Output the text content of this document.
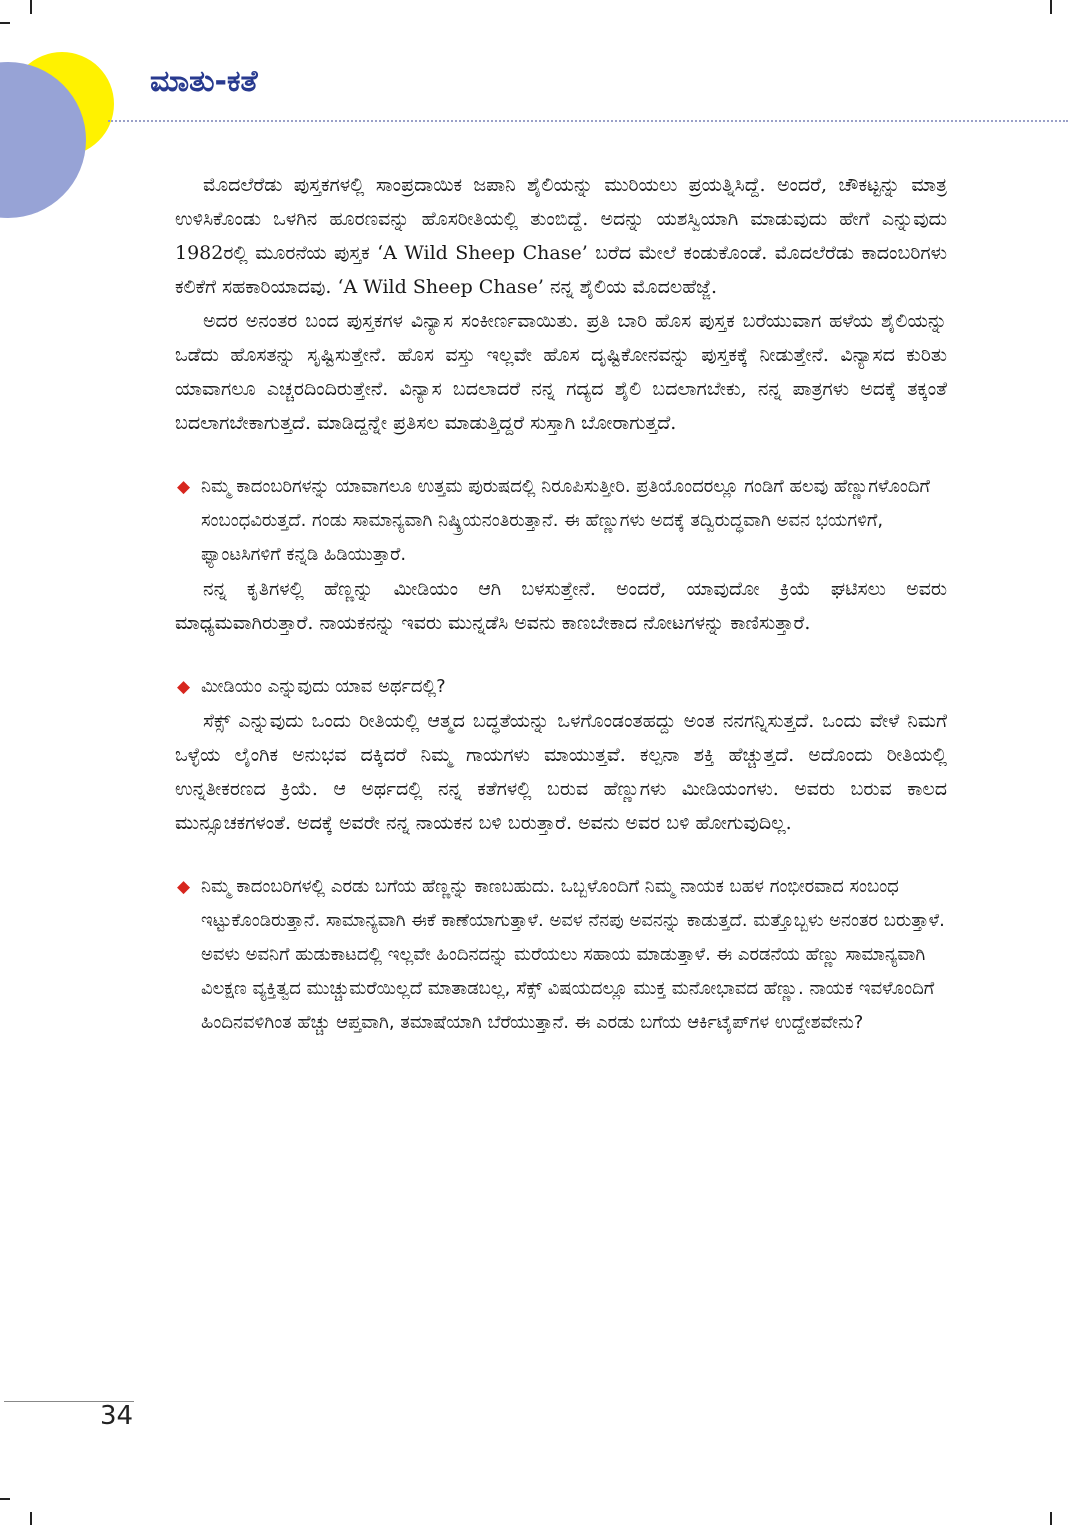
ಮಾತು-ಕತೆ

ಮೊದಲೆರೆಡು ಪುಸ್ತಕಗಳಲ್ಲಿ ಸಾಂಪ್ರದಾಯಿಕ ಜಪಾನಿ ಶೈಲಿಯನ್ನು ಮುರಿಯಲು ಪ್ರಯತ್ನಿಸಿದ್ದೆ. ಅಂದರೆ, ಚೌಕಟ್ಟನ್ನು ಮಾತ್ರ ಉಳಿಸಿಕೊಂಡು ಒಳಗಿನ ಹೂರಣವನ್ನು ಹೊಸರೀತಿಯಲ್ಲಿ ತುಂಬಿದ್ದೆ. ಅದನ್ನು ಯಶಸ್ವಿಯಾಗಿ ಮಾಡುವುದು ಹೇಗೆ ಎನ್ನುವುದು 1982ರಲ್ಲಿ ಮೂರನೆಯ ಪುಸ್ತಕ ‘A Wild Sheep Chase’ ಬರೆದ ಮೇಲೆ ಕಂಡುಕೊಂಡೆ. ಮೊದಲೆರೆಡು ಕಾದಂಬರಿಗಳು ಕಲಿಕೆಗೆ ಸಹಕಾರಿಯಾದವು. ‘A Wild Sheep Chase’ ನನ್ನ ಶೈಲಿಯ ಮೊದಲಹೆಜ್ಜೆ.

ಅದರ ಅನಂತರ ಬಂದ ಪುಸ್ತಕಗಳ ವಿನ್ಯಾಸ ಸಂಕೀರ್ಣವಾಯಿತು. ಪ್ರತಿ ಬಾರಿ ಹೊಸ ಪುಸ್ತಕ ಬರೆಯುವಾಗ ಹಳೆಯ ಶೈಲಿಯನ್ನು ಒಡೆದು ಹೊಸತನ್ನು ಸೃಷ್ಟಿಸುತ್ತೇನೆ. ಹೊಸ ವಸ್ತು ಇಲ್ಲವೇ ಹೊಸ ದೃಷ್ಟಿಕೋನವನ್ನು ಪುಸ್ತಕಕ್ಕೆ ನೀಡುತ್ತೇನೆ. ವಿನ್ಯಾಸದ ಕುರಿತು ಯಾವಾಗಲೂ ಎಚ್ಚರದಿಂದಿರುತ್ತೇನೆ. ವಿನ್ಯಾಸ ಬದಲಾದರೆ ನನ್ನ ಗದ್ಯದ ಶೈಲಿ ಬದಲಾಗಬೇಕು, ನನ್ನ ಪಾತ್ರಗಳು ಅದಕ್ಕೆ ತಕ್ಕಂತೆ ಬದಲಾಗಬೇಕಾಗುತ್ತದೆ. ಮಾಡಿದ್ದನ್ನೇ ಪ್ರತಿಸಲ ಮಾಡುತ್ತಿದ್ದರೆ ಸುಸ್ತಾಗಿ ಬೋರಾಗುತ್ತದೆ.

◆ ನಿಮ್ಮ ಕಾದಂಬರಿಗಳನ್ನು ಯಾವಾಗಲೂ ಉತ್ತಮ ಪುರುಷದಲ್ಲಿ ನಿರೂಪಿಸುತ್ತೀರಿ. ಪ್ರತಿಯೊಂದರಲ್ಲೂ ಗಂಡಿಗೆ ಹಲವು ಹೆಣ್ಣುಗಳೊಂದಿಗೆ ಸಂಬಂಧವಿರುತ್ತದೆ. ಗಂಡು ಸಾಮಾನ್ಯವಾಗಿ ನಿಷ್ಕ್ರಿಯನಂತಿರುತ್ತಾನೆ. ಈ ಹೆಣ್ಣುಗಳು ಅದಕ್ಕೆ ತದ್ವಿರುದ್ಧವಾಗಿ ಅವನ ಭಯಗಳಿಗೆ, ಫ್ಯಾಂಟಸಿಗಳಿಗೆ ಕನ್ನಡಿ ಹಿಡಿಯುತ್ತಾರೆ.

ನನ್ನ ಕೃತಿಗಳಲ್ಲಿ ಹೆಣ್ಣನ್ನು ಮೀಡಿಯಂ ಆಗಿ ಬಳಸುತ್ತೇನೆ. ಅಂದರೆ, ಯಾವುದೋ ಕ್ರಿಯೆ ಘಟಿಸಲು ಅವರು ಮಾಧ್ಯಮವಾಗಿರುತ್ತಾರೆ. ನಾಯಕನನ್ನು ಇವರು ಮುನ್ನಡೆಸಿ ಅವನು ಕಾಣಬೇಕಾದ ನೋಟಗಳನ್ನು ಕಾಣಿಸುತ್ತಾರೆ.

◆ ಮೀಡಿಯಂ ಎನ್ನುವುದು ಯಾವ ಅರ್ಥದಲ್ಲಿ?

ಸೆಕ್ಸ್ ಎನ್ನುವುದು ಒಂದು ರೀತಿಯಲ್ಲಿ ಆತ್ಮದ ಬದ್ಧತೆಯನ್ನು ಒಳಗೊಂಡಂತಹದ್ದು ಅಂತ ನನಗನ್ನಿಸುತ್ತದೆ. ಒಂದು ವೇಳೆ ನಿಮಗೆ ಒಳ್ಳೆಯ ಲೈಂಗಿಕ ಅನುಭವ ದಕ್ಕಿದರೆ ನಿಮ್ಮ ಗಾಯಗಳು ಮಾಯುತ್ತವೆ. ಕಲ್ಪನಾ ಶಕ್ತಿ ಹೆಚ್ಚುತ್ತದೆ. ಅದೊಂದು ರೀತಿಯಲ್ಲಿ ಉನ್ನತೀಕರಣದ ಕ್ರಿಯೆ. ಆ ಅರ್ಥದಲ್ಲಿ ನನ್ನ ಕತೆಗಳಲ್ಲಿ ಬರುವ ಹೆಣ್ಣುಗಳು ಮೀಡಿಯಂಗಳು. ಅವರು ಬರುವ ಕಾಲದ ಮುನ್ಸೂಚಕಗಳಂತೆ. ಅದಕ್ಕೆ ಅವರೇ ನನ್ನ ನಾಯಕನ ಬಳಿ ಬರುತ್ತಾರೆ. ಅವನು ಅವರ ಬಳಿ ಹೋಗುವುದಿಲ್ಲ.

◆ ನಿಮ್ಮ ಕಾದಂಬರಿಗಳಲ್ಲಿ ಎರಡು ಬಗೆಯ ಹೆಣ್ಣನ್ನು ಕಾಣಬಹುದು. ಒಬ್ಬಳೊಂದಿಗೆ ನಿಮ್ಮ ನಾಯಕ ಬಹಳ ಗಂಭೀರವಾದ ಸಂಬಂಧ ಇಟ್ಟುಕೊಂಡಿರುತ್ತಾನೆ. ಸಾಮಾನ್ಯವಾಗಿ ಈಕೆ ಕಾಣೆಯಾಗುತ್ತಾಳೆ. ಅವಳ ನೆನಪು ಅವನನ್ನು ಕಾಡುತ್ತದೆ. ಮತ್ತೊಬ್ಬಳು ಅನಂತರ ಬರುತ್ತಾಳೆ. ಅವಳು ಅವನಿಗೆ ಹುಡುಕಾಟದಲ್ಲಿ ಇಲ್ಲವೇ ಹಿಂದಿನದನ್ನು ಮರೆಯಲು ಸಹಾಯ ಮಾಡುತ್ತಾಳೆ. ಈ ಎರಡನೆಯ ಹೆಣ್ಣು ಸಾಮಾನ್ಯವಾಗಿ ವಿಲಕ್ಷಣ ವ್ಯಕ್ತಿತ್ವದ ಮುಚ್ಚುಮರೆಯಿಲ್ಲದೆ ಮಾತಾಡಬಲ್ಲ, ಸೆಕ್ಸ್ ವಿಷಯದಲ್ಲೂ ಮುಕ್ತ ಮನೋಭಾವದ ಹೆಣ್ಣು. ನಾಯಕ ಇವಳೊಂದಿಗೆ ಹಿಂದಿನವಳಿಗಿಂತ ಹೆಚ್ಚು ಆಪ್ತವಾಗಿ, ತಮಾಷೆಯಾಗಿ ಬೆರೆಯುತ್ತಾನೆ. ಈ ಎರಡು ಬಗೆಯ ಆರ್ಕಿಟೈಪ್‌ಗಳ ಉದ್ದೇಶವೇನು?

34
